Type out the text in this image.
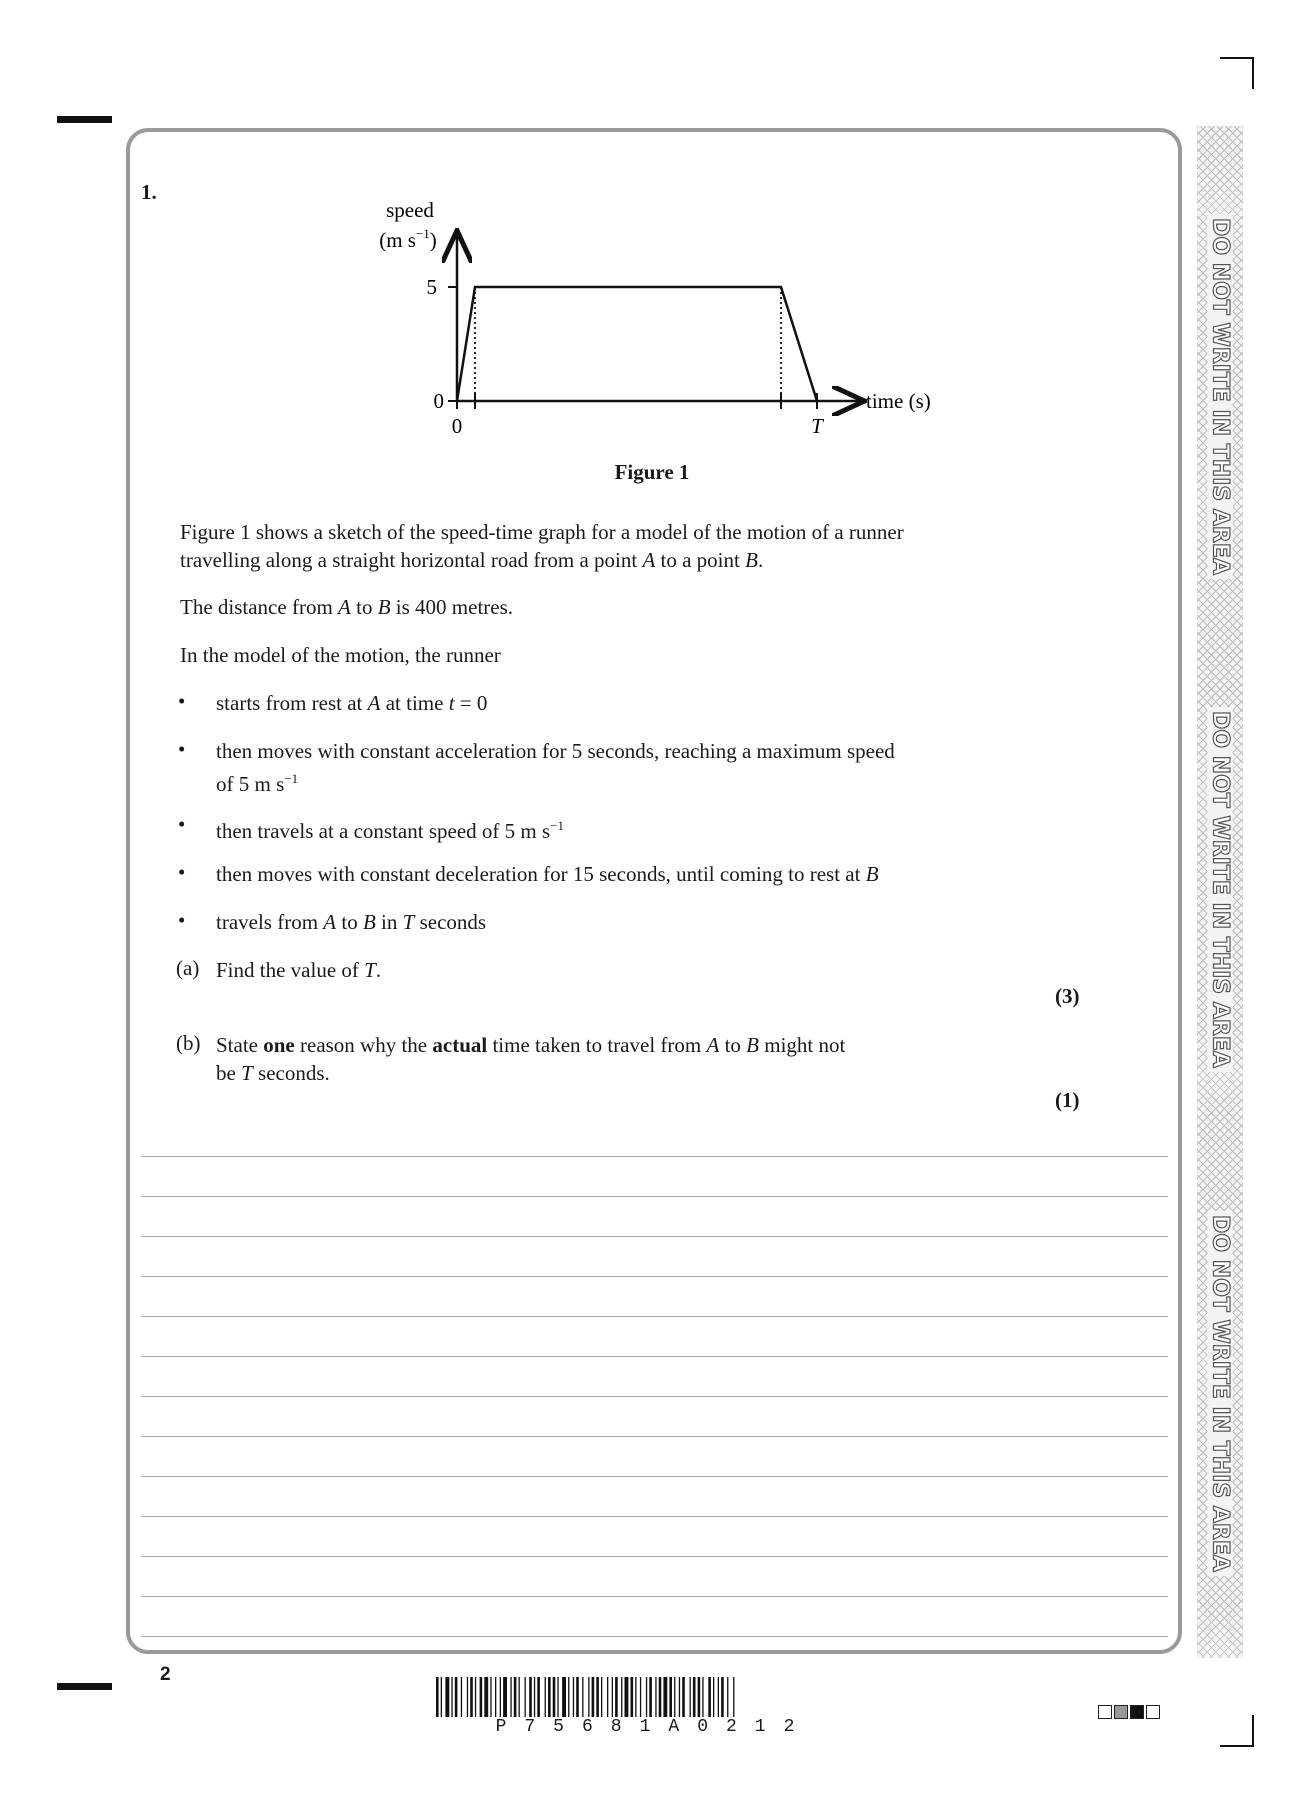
DO NOT WRITE IN THIS AREA
DO NOT WRITE IN THIS AREA
DO NOT WRITE IN THIS AREA
1.
speed
(m $s^{-1}$)
5
0
0	T
time (s)
Figure 1
Figure 1 shows a sketch of the speed-time graph for a model of the motion of a runner
travelling along a straight horizontal road from a point A to a point B.
The distance from A to B is 400 metres.
In the model of the motion, the runner
• starts from rest at A at time t = 0
• then moves with constant acceleration for 5 seconds, reaching a maximum speed
of 5 m $s^{-1}$
• then travels at a constant speed of 5 m $s^{-1}$
• then moves with constant deceleration for 15 seconds, until coming to rest at B
• travels from A to B in T seconds
(a) Find the value of T.
(3)
(b) State one reason why the actual time taken to travel from A to B might not
be T seconds.
(1)
2
P75681A0212
